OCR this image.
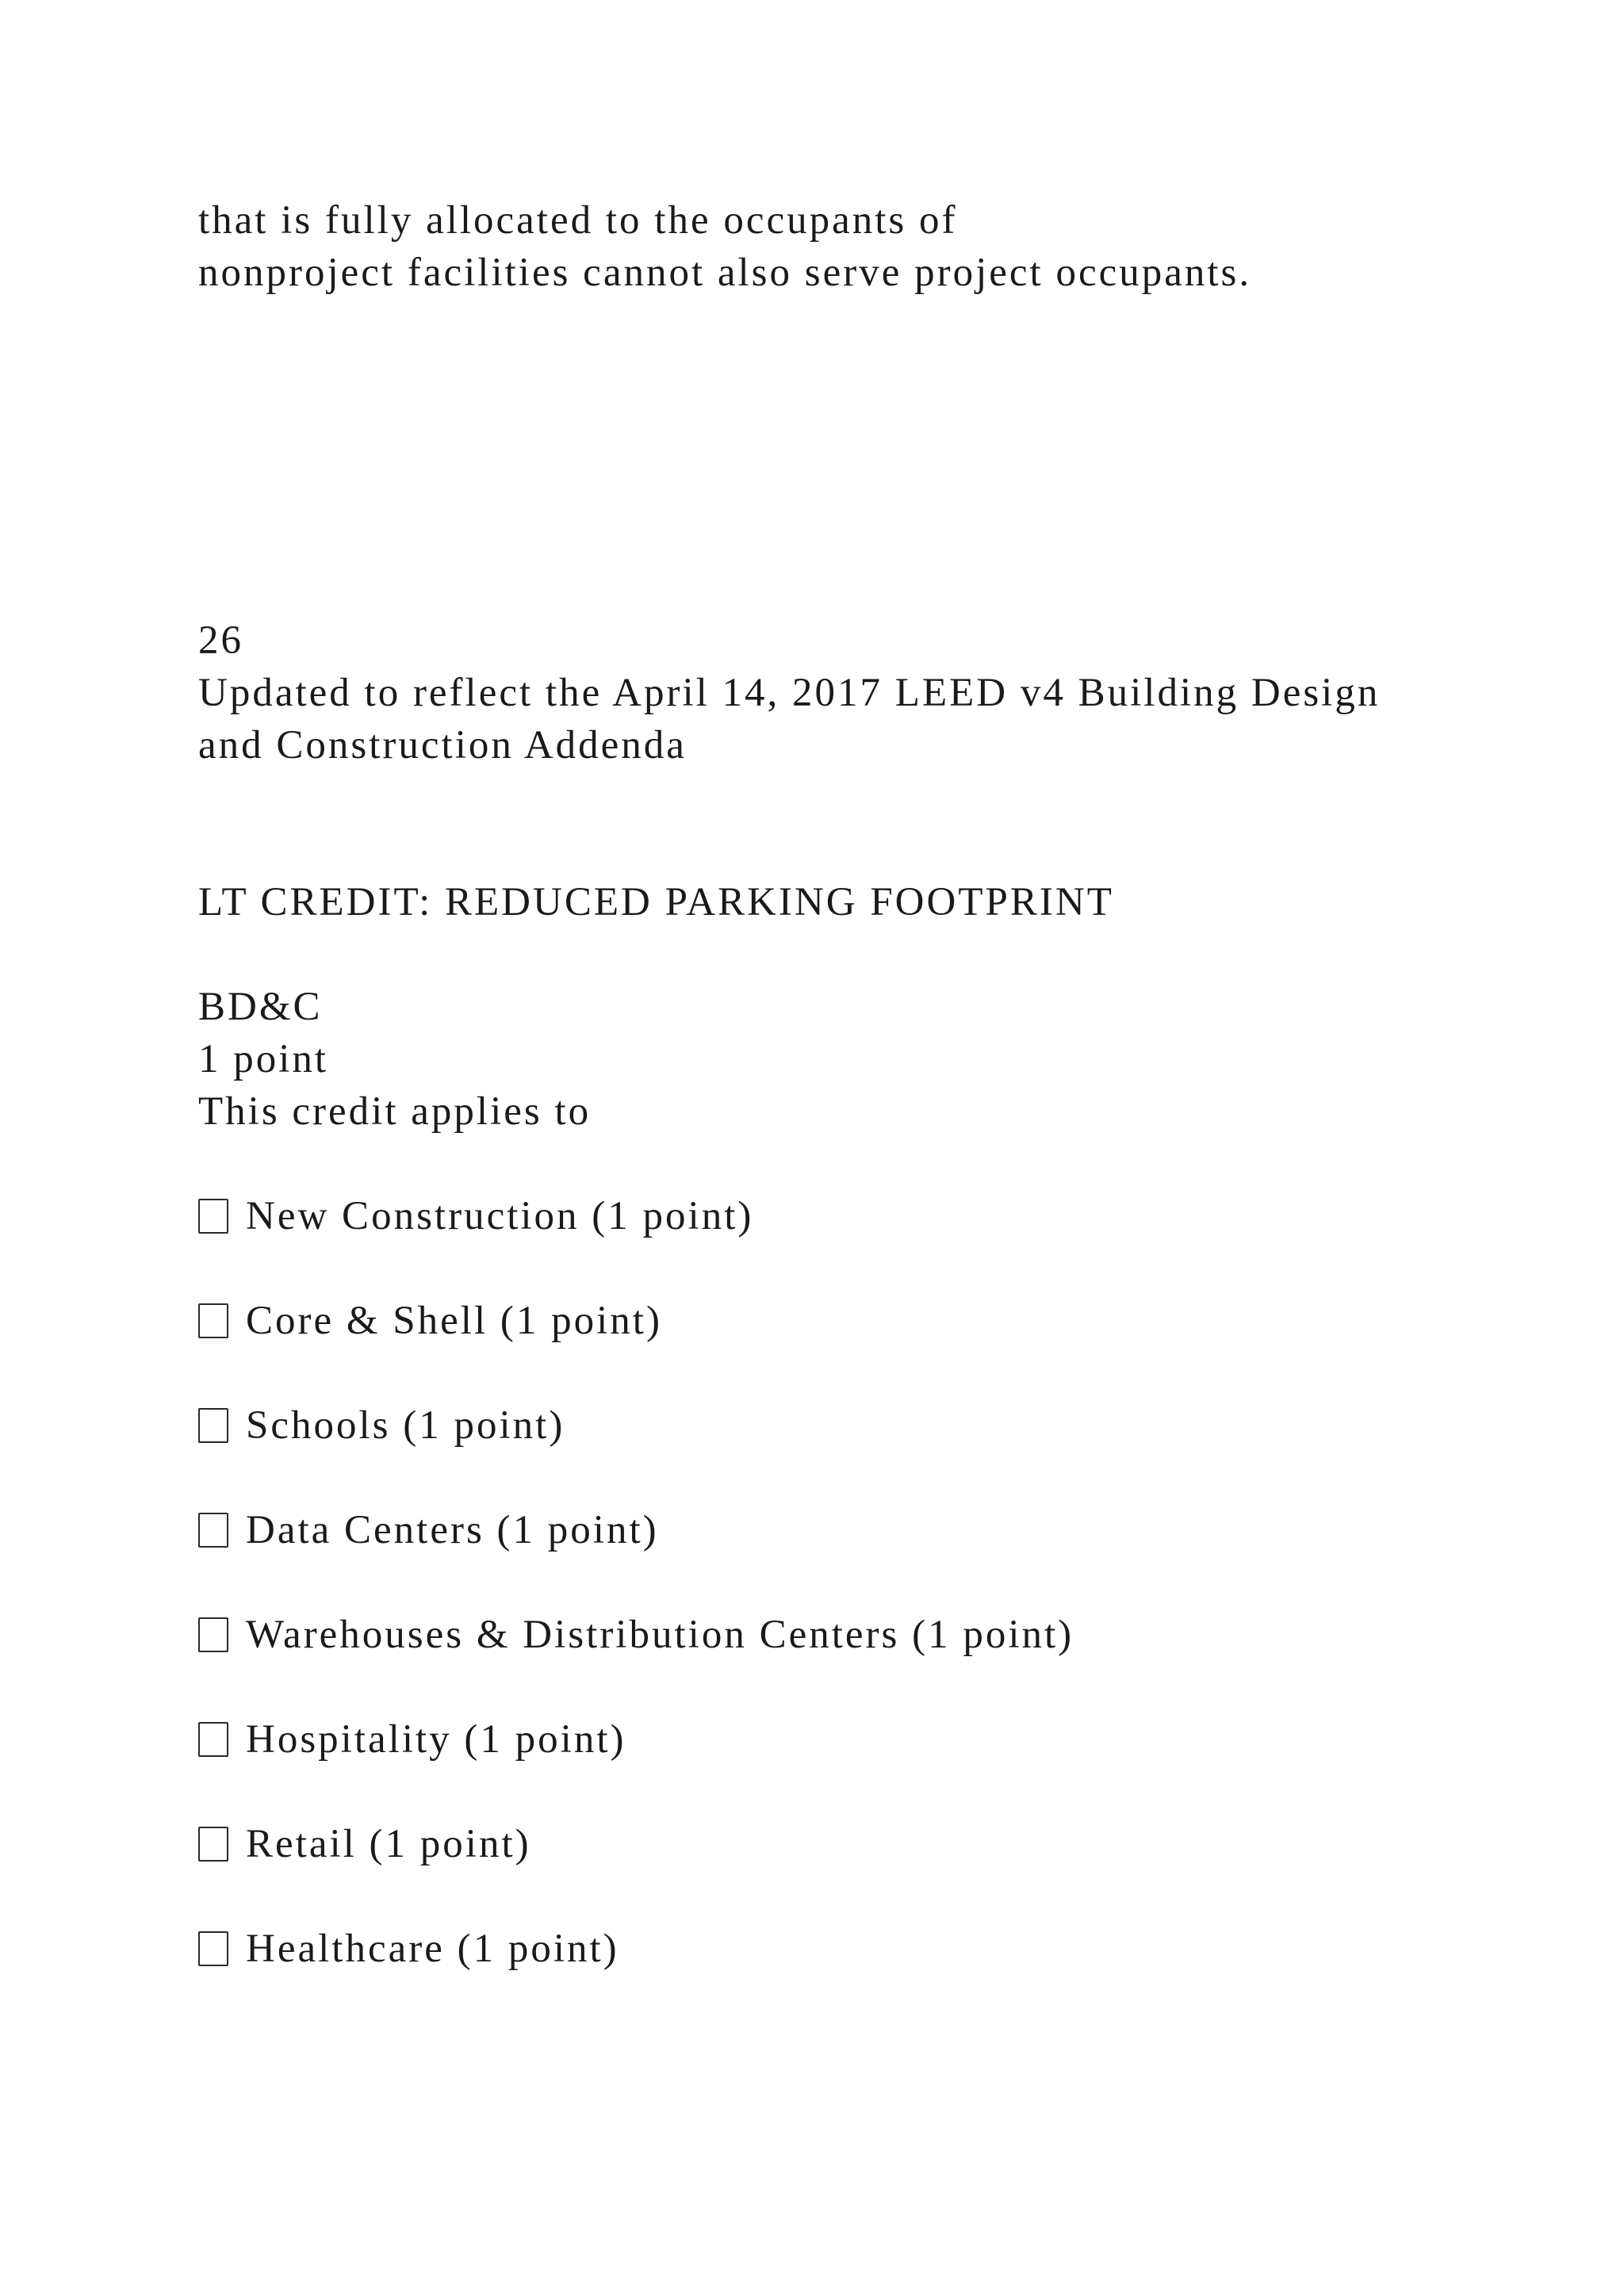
that is fully allocated to the occupants of

nonproject facilities cannot also serve project occupants.

26

Updated to reflect the April 14, 2017 LEED v4 Building Design

and Construction Addenda

LT CREDIT: REDUCED PARKING FOOTPRINT

BD&C

1 point

This credit applies to

New Construction (1 point)

Core & Shell (1 point)

Schools (1 point)

Data Centers (1 point)

Warehouses & Distribution Centers (1 point)

Hospitality (1 point)

Retail (1 point)

Healthcare (1 point)
